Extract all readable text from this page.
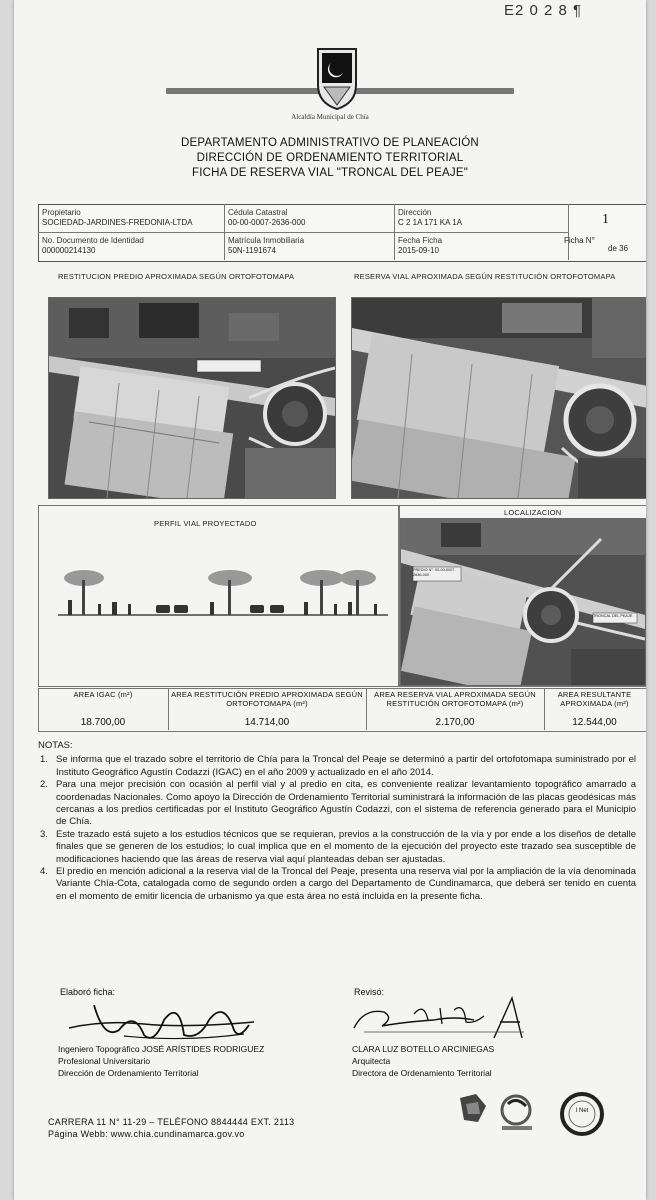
E2 0 2 8 ¶
Alcaldía Municipal de Chía
DEPARTAMENTO ADMINISTRATIVO DE PLANEACIÓN
DIRECCIÓN DE ORDENAMIENTO TERRITORIAL
FICHA DE RESERVA VIAL "TRONCAL DEL PEAJE"
Propietario
SOCIEDAD-JARDINES-FREDONIA-LTDA
Cédula Catastral
00-00-0007-2636-000
Dirección
C 2 1A 171 KA 1A
No. Documento de Identidad
000000214130
Matrícula Inmobiliaria
50N-1191674
Fecha Ficha
2015-09-10
Ficha N°
1
de 36
RESTITUCION PREDIO APROXIMADA SEGÚN ORTOFOTOMAPA	RESERVA VIAL APROXIMADA SEGÚN RESTITUCIÓN ORTOFOTOMAPA
PERFIL VIAL PROYECTADO
LOCALIZACION
PREDIO N°: 00-00-0007-2636-000
TRONCAL DEL PEAJE
AREA IGAC (m²)
18.700,00
AREA RESTITUCIÓN PREDIO APROXIMADA SEGÚN ORTOFOTOMAPA (m²)
14.714,00
AREA RESERVA VIAL APROXIMADA SEGÚN RESTITUCIÓN ORTOFOTOMAPA (m²)
2.170,00
AREA RESULTANTE APROXIMADA (m²)
12.544,00
NOTAS:
1. Se informa que el trazado sobre el territorio de Chía para la Troncal del Peaje se determinó a partir del ortofotomapa suministrado por el Instituto Geográfico Agustín Codazzi (IGAC) en el año 2009 y actualizado en el año 2014.
2. Para una mejor precisión con ocasión al perfil vial y al predio en cita, es conveniente realizar levantamiento topográfico amarrado a coordenadas Nacionales. Como apoyo la Dirección de Ordenamiento Territorial suministrará la información de las placas geodésicas más cercanas a los predios certificadas por el Instituto Geográfico Agustín Codazzi, con el sistema de referencia generado para el Municipio de Chía.
3. Este trazado está sujeto a los estudios técnicos que se requieran, previos a la construcción de la vía y por ende a los diseños de detalle finales que se generen de los estudios; lo cual implica que en el momento de la ejecución del proyecto este trazado sea susceptible de modificaciones haciendo que las áreas de reserva vial aquí planteadas deban ser ajustadas.
4. El predio en mención adicional a la reserva vial de la Troncal del Peaje, presenta una reserva vial por la ampliación de la vía denominada Variante Chía-Cota, catalogada como de segundo orden a cargo del Departamento de Cundinamarca, que deberá ser tenido en cuenta en el momento de emitir licencia de urbanismo ya que esta área no está incluida en la presente ficha.
Elaboró ficha:
Ingeniero Topográfico JOSÉ ARÍSTIDES RODRIGUEZ
Profesional Universitario
Dirección de Ordenamiento Territorial
Revisó:
CLARA LUZ BOTELLO ARCINIEGAS
Arquitecta
Directora de Ordenamiento Territorial
CARRERA 11 N° 11-29 – TELÉFONO 8844444 EXT. 2113
Página Webb: www.chia.cundinamarca.gov.vo
I Net
